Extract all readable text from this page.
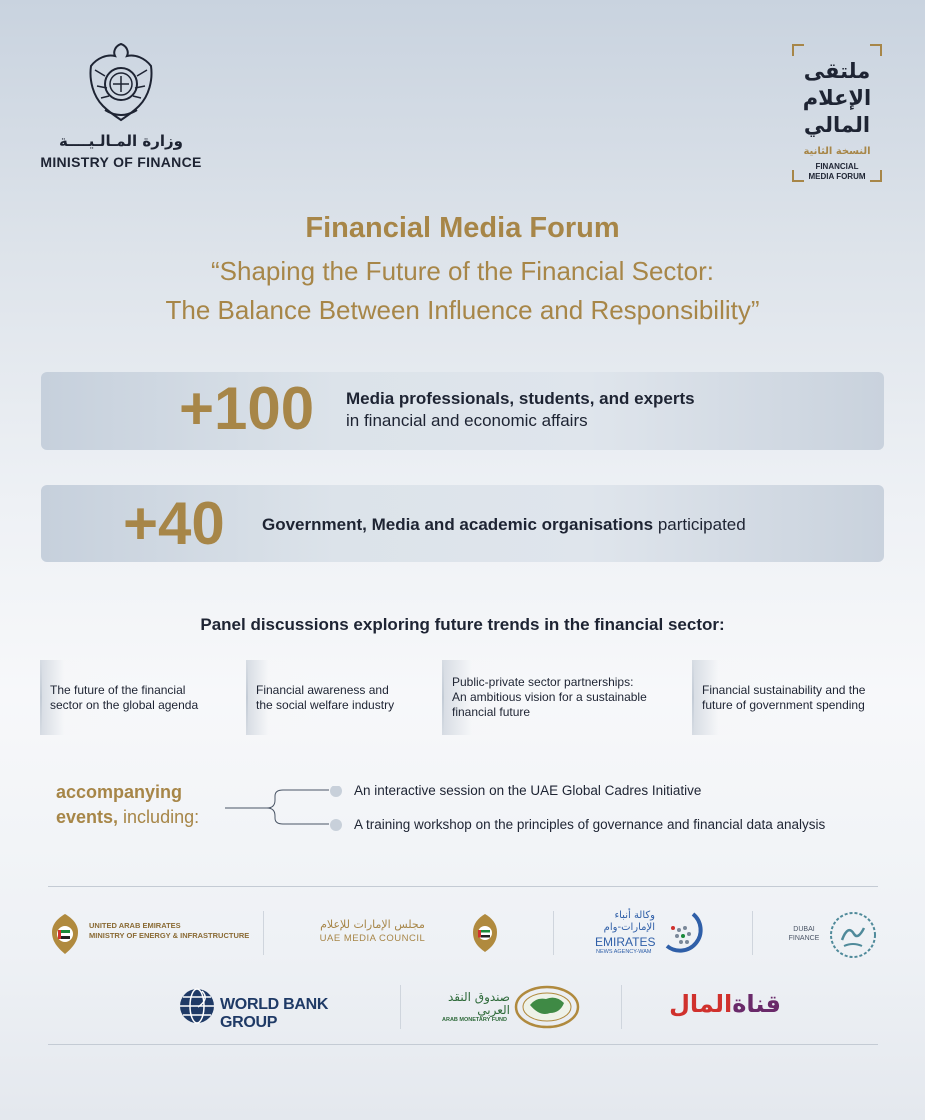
وزارة المـالـيــــة
MINISTRY OF FINANCE
ملتقى
الإعلام
المالي
النسخة الثانية
FINANCIAL
MEDIA FORUM
Financial Media Forum
“Shaping the Future of the Financial Sector:
The Balance Between Influence and Responsibility”
+100 Media professionals, students, and experts
in financial and economic affairs
+40 Government, Media and academic organisations participated
Panel discussions exploring future trends in the financial sector:
The future of the financial
sector on the global agenda
Financial awareness and
the social welfare industry
Public-private sector partnerships:
An ambitious vision for a sustainable
financial future
Financial sustainability and the
future of government spending
accompanying
events, including:
An interactive session on the UAE Global Cadres Initiative
A training workshop on the principles of governance and financial data analysis
UNITED ARAB EMIRATES
MINISTRY OF ENERGY & INFRASTRUCTURE
مجلس الإمارات للإعلام
UAE MEDIA COUNCIL
وكالة أنباء
الإمارات-وام
EMIRATES
NEWS AGENCY-WAM
DUBAI
FINANCE
WORLD BANK GROUP
صندوق النقد
العربي
ARAB MONETARY FUND
قناةالمال
